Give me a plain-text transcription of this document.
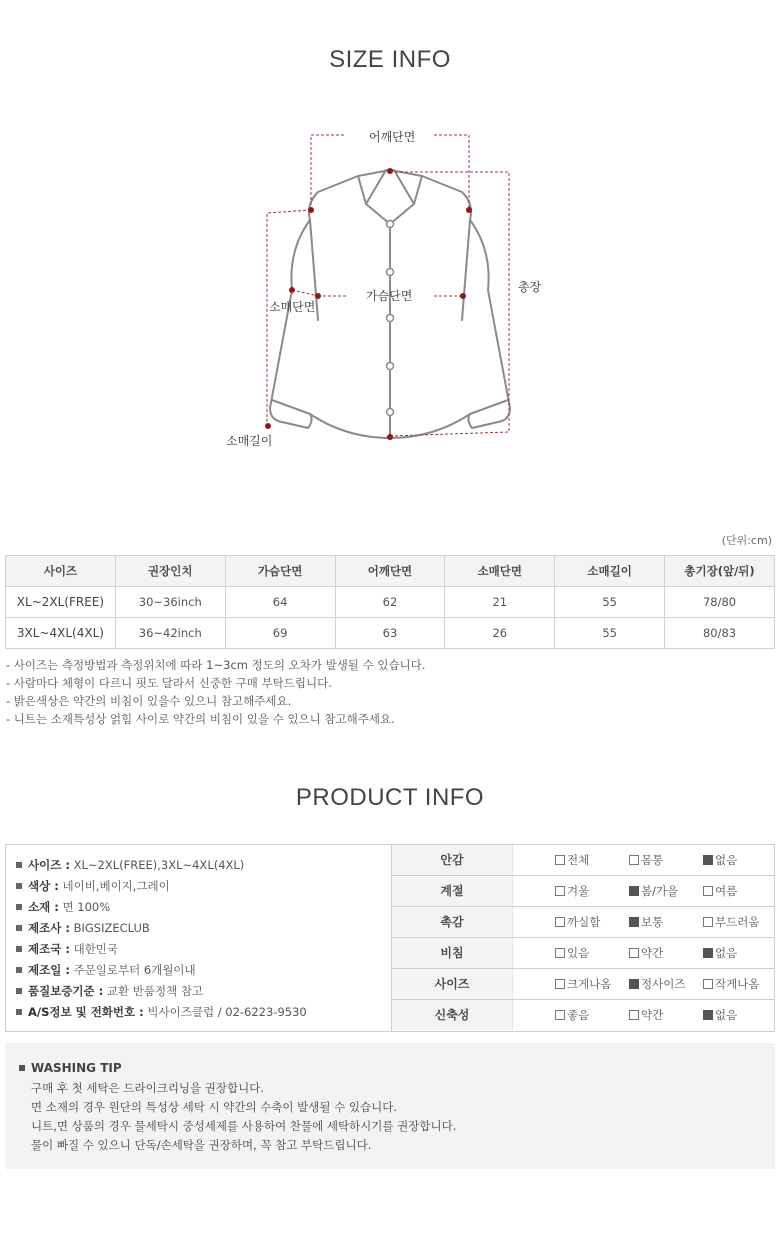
SIZE INFO
어깨단면
총장
가슴단면
소매단면
소매길이
(단위:cm)
사이즈	권장인치	가슴단면	어깨단면	소매단면	소매길이	총기장(앞/뒤)
XL~2XL(FREE)	30~36inch	64	62	21	55	78/80
3XL~4XL(4XL)	36~42inch	69	63	26	55	80/83
- 사이즈는 측정방법과 측정위치에 따라 1~3cm 정도의 오차가 발생될 수 있습니다.
- 사람마다 체형이 다르니 핏도 달라서 신중한 구매 부탁드립니다.
- 밝은색상은 약간의 비침이 있을수 있으니 참고해주세요.
- 니트는 소재특성상 얽힘 사이로 약간의 비침이 있을 수 있으니 참고해주세요.
PRODUCT INFO
사이즈 : XL~2XL(FREE),3XL~4XL(4XL)
색상 : 네이비,베이지,그레이
소재 : 면 100%
제조사 : BIGSIZECLUB
제조국 : 대한민국
제조일 : 주문일로부터 6개월이내
품질보증기준 : 교환 반품정책 참고
A/S정보 및 전화번호 : 빅사이즈클럽 / 02-6223-9530
안감	전체	몸통	없음
계절	겨울	봄/가을	여름
촉감	까실함	보통	부드러움
비침	있음	약간	없음
사이즈	크게나옴	정사이즈	작게나옴
신축성	좋음	약간	없음
WASHING TIP
구매 후 첫 세탁은 드라이크리닝을 권장합니다.
면 소재의 경우 원단의 특성상 세탁 시 약간의 수축이 발생될 수 있습니다.
니트,면 상품의 경우 물세탁시 중성세제를 사용하여 찬물에 세탁하시기를 권장합니다.
물이 빠질 수 있으니 단독/손세탁을 권장하며, 꼭 참고 부탁드립니다.
